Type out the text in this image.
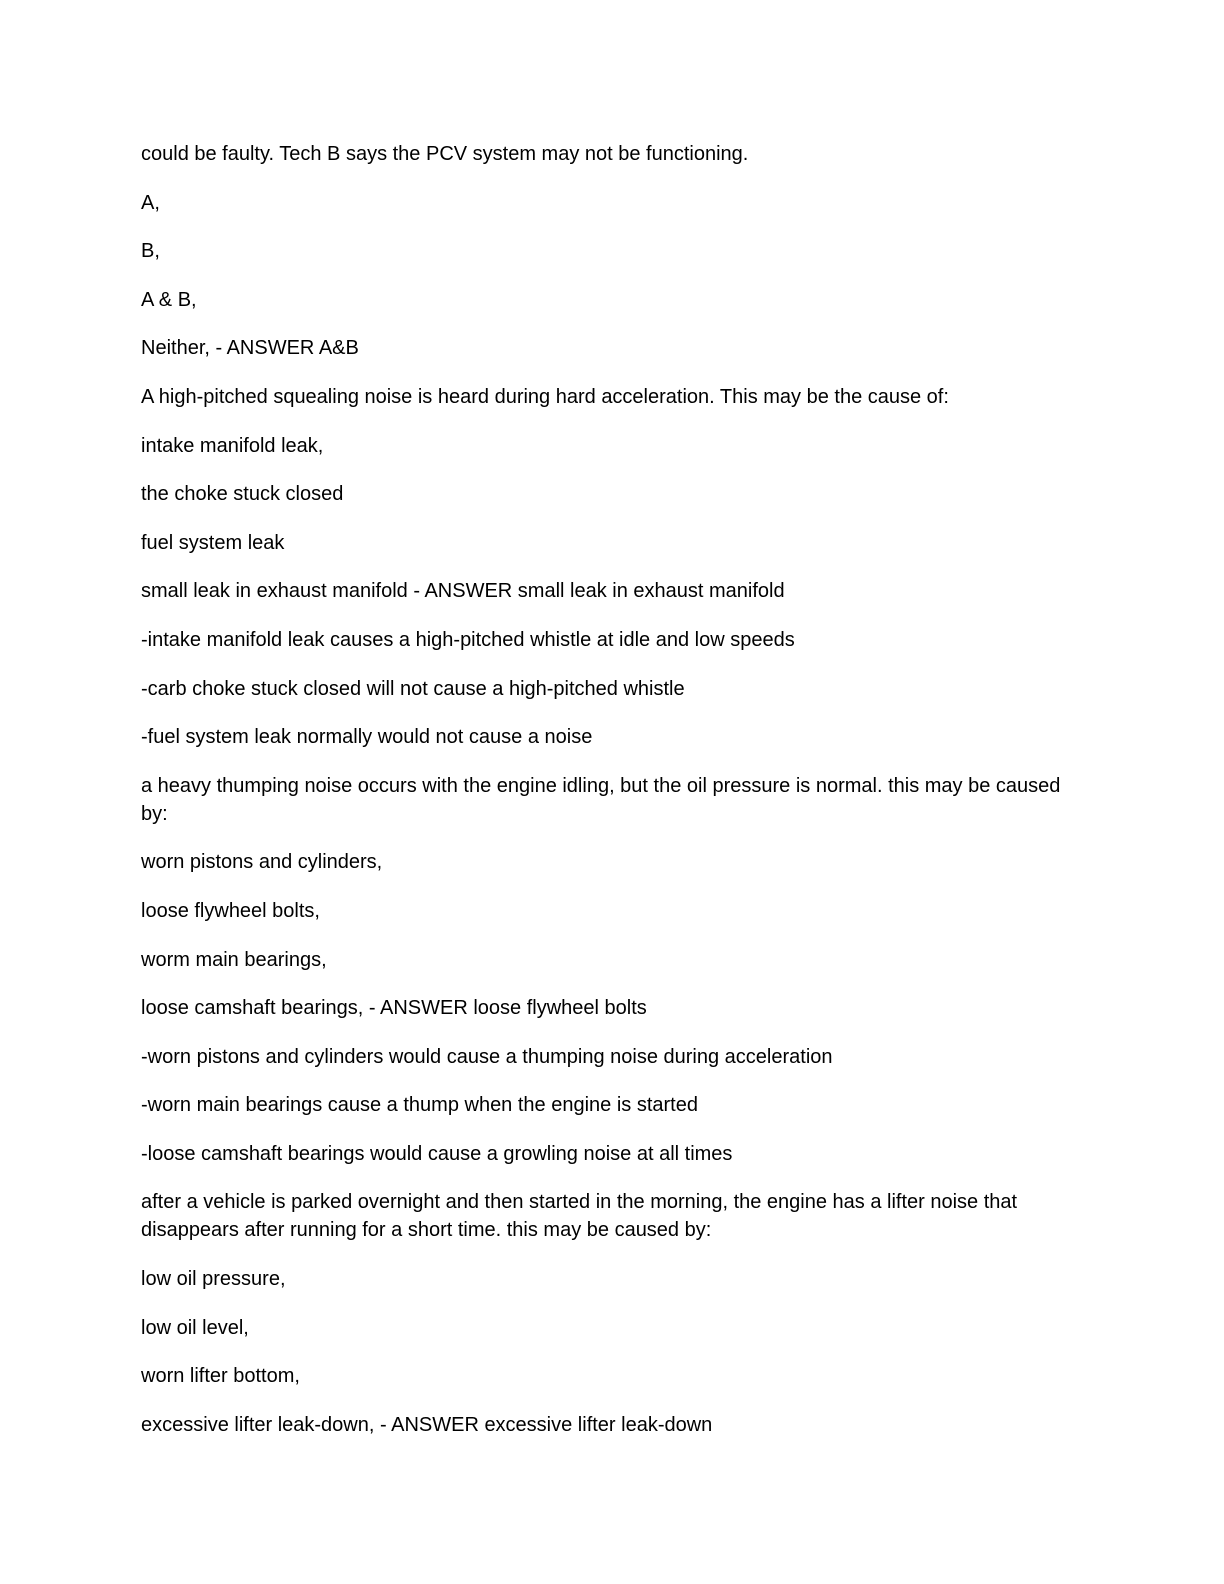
could be faulty. Tech B says the PCV system may not be functioning.

A,

B,

A & B,

Neither, - ANSWER A&B

A high-pitched squealing noise is heard during hard acceleration. This may be the cause of:

intake manifold leak,

the choke stuck closed

fuel system leak

small leak in exhaust manifold - ANSWER small leak in exhaust manifold

-intake manifold leak causes a high-pitched whistle at idle and low speeds

-carb choke stuck closed will not cause a high-pitched whistle

-fuel system leak normally would not cause a noise

a heavy thumping noise occurs with the engine idling, but the oil pressure is normal. this may be caused by:

worn pistons and cylinders,

loose flywheel bolts,

worm main bearings,

loose camshaft bearings, - ANSWER loose flywheel bolts

-worn pistons and cylinders would cause a thumping noise during acceleration

-worn main bearings cause a thump when the engine is started

-loose camshaft bearings would cause a growling noise at all times

after a vehicle is parked overnight and then started in the morning, the engine has a lifter noise that disappears after running for a short time. this may be caused by:

low oil pressure,

low oil level,

worn lifter bottom,

excessive lifter leak-down, - ANSWER excessive lifter leak-down
